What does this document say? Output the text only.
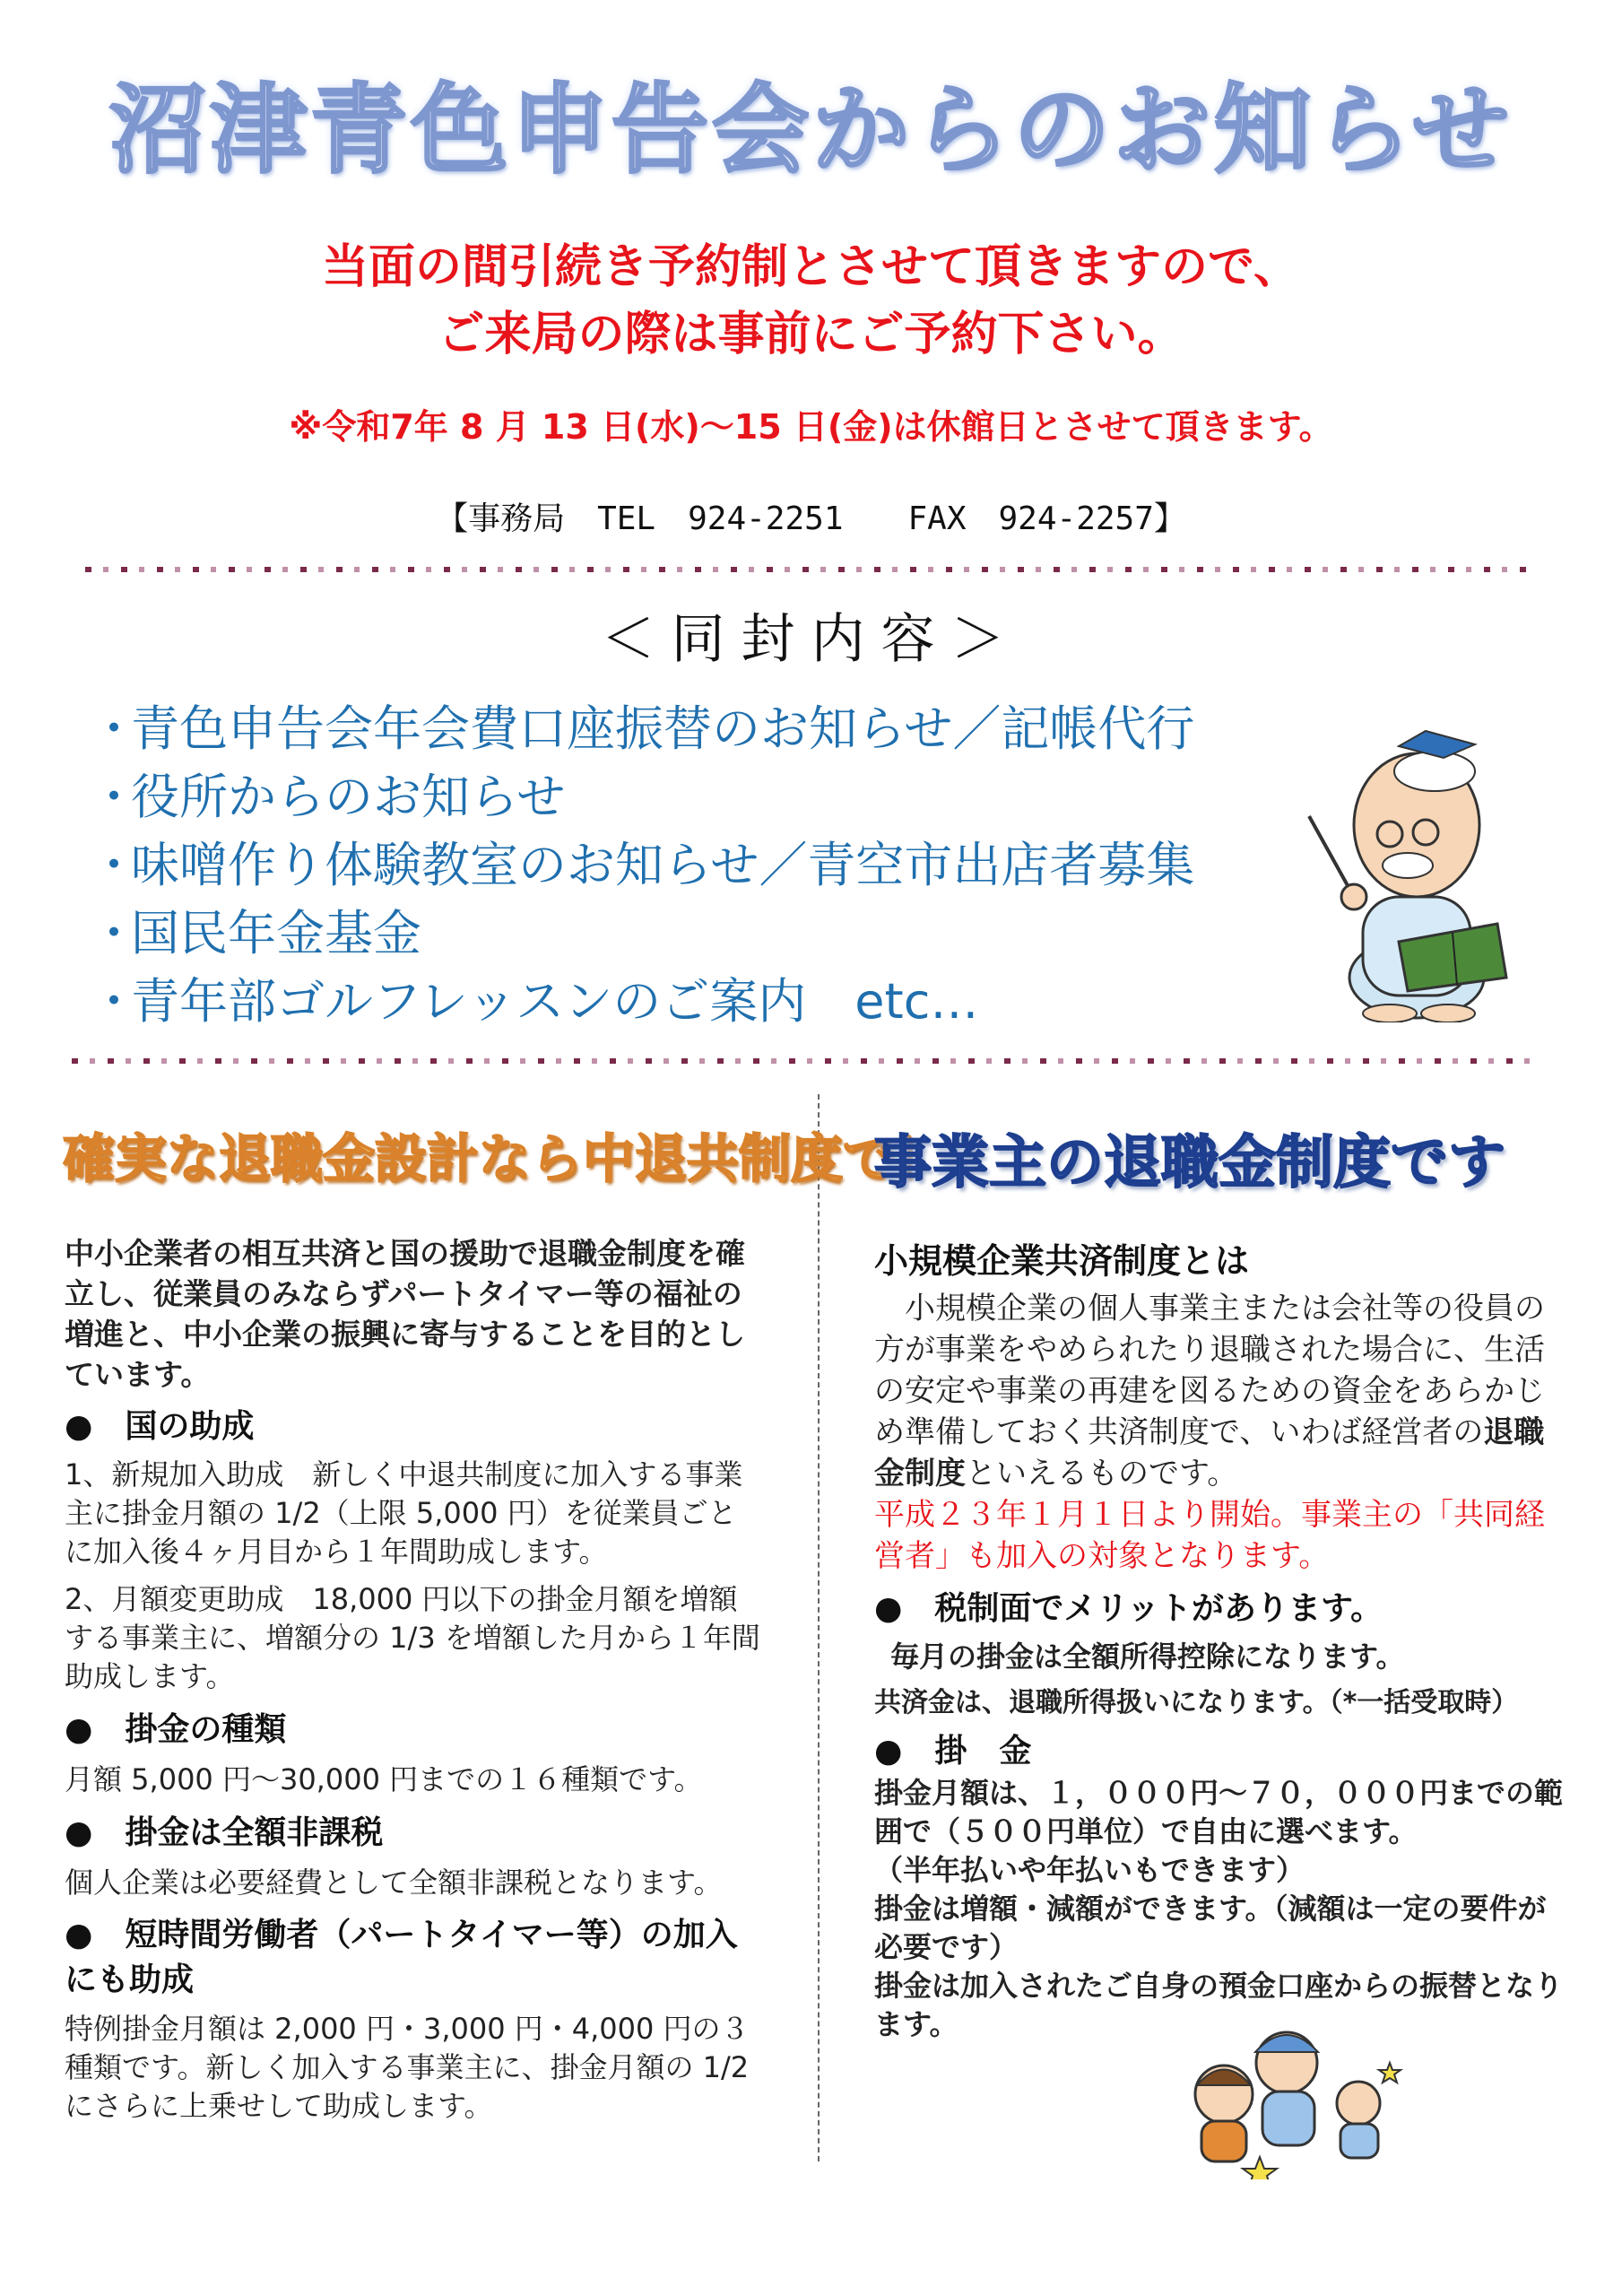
沼津青色申告会からのお知らせ
当面の間引続き予約制とさせて頂きますので、
ご来局の際は事前にご予約下さい。
※令和7年 8 月 13 日(水)～15 日(金)は休館日とさせて頂きます。
【事務局　TEL　924-2251　　FAX　924-2257】
＜同封内容＞
・青色申告会年会費口座振替のお知らせ／記帳代行
・役所からのお知らせ
・味噌作り体験教室のお知らせ／青空市出店者募集
・国民年金基金
・青年部ゴルフレッスンのご案内　etc…
確実な退職金設計なら中退共制度で！
中小企業者の相互共済と国の援助で退職金制度を確立し、従業員のみならずパートタイマー等の福祉の増進と、中小企業の振興に寄与することを目的としています。
●　国の助成
1、新規加入助成　新しく中退共制度に加入する事業主に掛金月額の 1/2（上限 5,000 円）を従業員ごとに加入後４ヶ月目から１年間助成します。
2、月額変更助成　18,000 円以下の掛金月額を増額する事業主に、増額分の 1/3 を増額した月から１年間助成します。
●　掛金の種類
月額 5,000 円～30,000 円までの１６種類です。
●　掛金は全額非課税
個人企業は必要経費として全額非課税となります。
●　短時間労働者（パートタイマー等）の加入にも助成
特例掛金月額は 2,000 円・3,000 円・4,000 円の３種類です。新しく加入する事業主に、掛金月額の 1/2 にさらに上乗せして助成します。
事業主の退職金制度です
小規模企業共済制度とは
　小規模企業の個人事業主または会社等の役員の方が事業をやめられたり退職された場合に、生活の安定や事業の再建を図るための資金をあらかじめ準備しておく共済制度で、いわば経営者の退職金制度といえるものです。
平成２３年１月１日より開始。事業主の「共同経営者」も加入の対象となります。
●　税制面でメリットがあります。
毎月の掛金は全額所得控除になります。
共済金は、退職所得扱いになります。（*一括受取時）
●　掛　金
掛金月額は、１，０００円～７０，０００円までの範囲で（５００円単位）で自由に選べます。
（半年払いや年払いもできます）
掛金は増額・減額ができます。（減額は一定の要件が必要です）
掛金は加入されたご自身の預金口座からの振替となります。
